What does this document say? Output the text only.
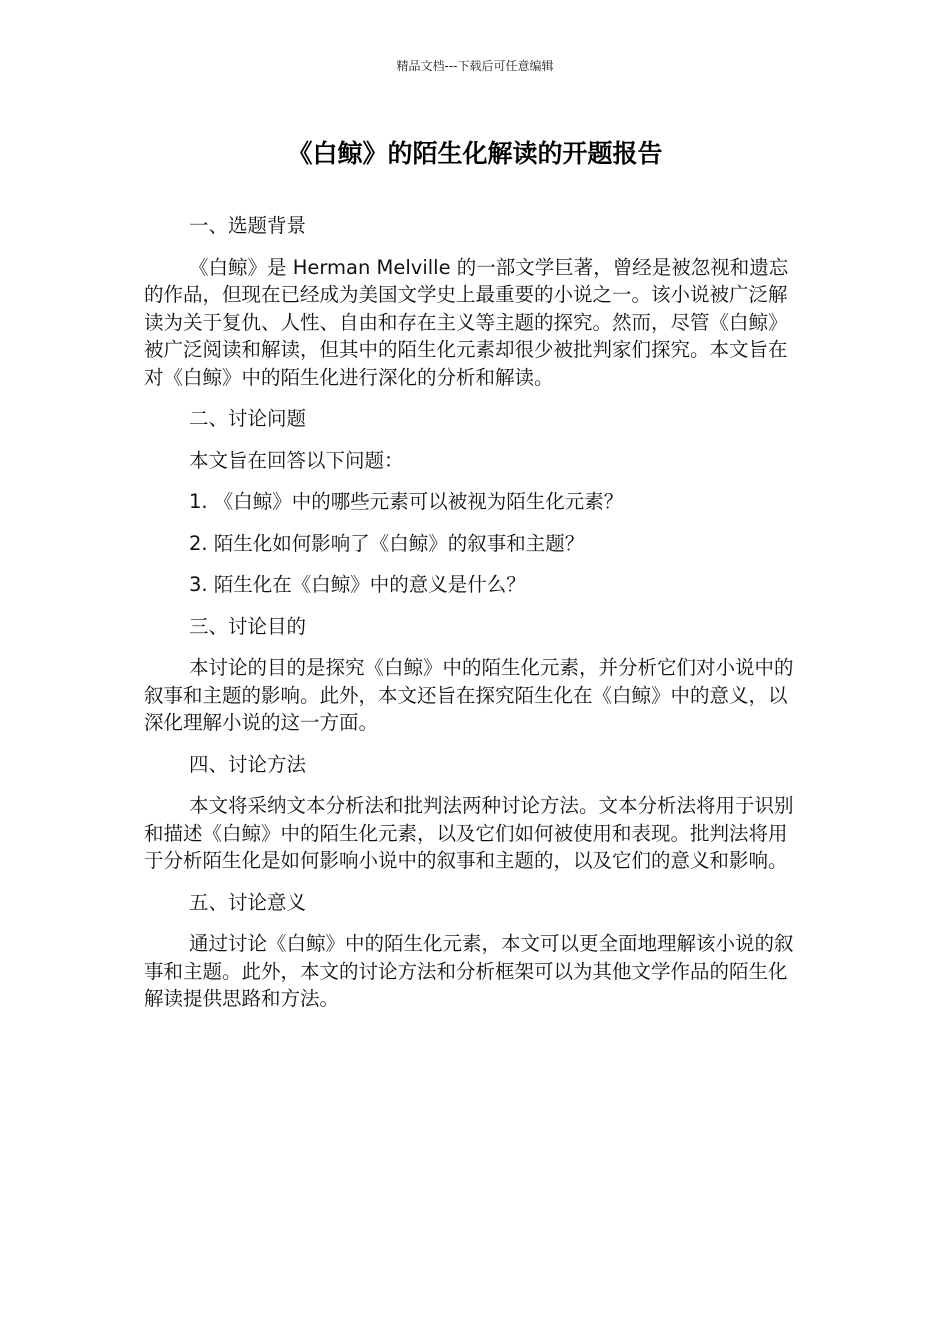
精品文档---下载后可任意编辑
《白鲸》的陌生化解读的开题报告

一、选题背景

《白鲸》是 Herman Melville 的一部文学巨著，曾经是被忽视和遗忘的作品，但现在已经成为美国文学史上最重要的小说之一。该小说被广泛解读为关于复仇、人性、自由和存在主义等主题的探究。然而，尽管《白鲸》被广泛阅读和解读，但其中的陌生化元素却很少被批判家们探究。本文旨在对《白鲸》中的陌生化进行深化的分析和解读。

二、讨论问题

本文旨在回答以下问题：

1. 《白鲸》中的哪些元素可以被视为陌生化元素？

2. 陌生化如何影响了《白鲸》的叙事和主题？

3. 陌生化在《白鲸》中的意义是什么？

三、讨论目的

本讨论的目的是探究《白鲸》中的陌生化元素，并分析它们对小说中的叙事和主题的影响。此外，本文还旨在探究陌生化在《白鲸》中的意义，以深化理解小说的这一方面。

四、讨论方法

本文将采纳文本分析法和批判法两种讨论方法。文本分析法将用于识别和描述《白鲸》中的陌生化元素，以及它们如何被使用和表现。批判法将用于分析陌生化是如何影响小说中的叙事和主题的，以及它们的意义和影响。

五、讨论意义

通过讨论《白鲸》中的陌生化元素，本文可以更全面地理解该小说的叙事和主题。此外，本文的讨论方法和分析框架可以为其他文学作品的陌生化解读提供思路和方法。
